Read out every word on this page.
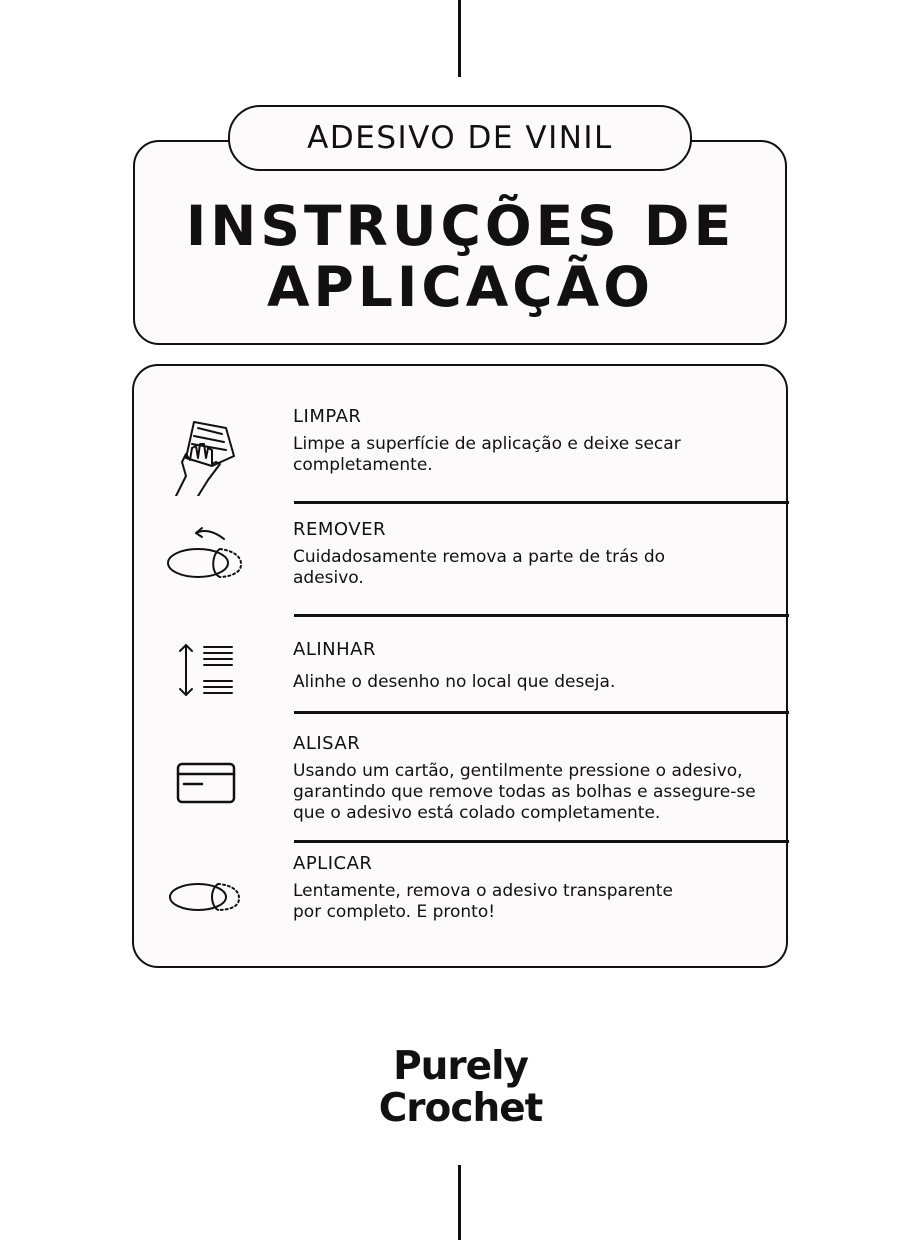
ADESIVO DE VINIL
INSTRUÇÕES DE
APLICAÇÃO
LIMPAR
Limpe a superfície de aplicação e deixe secar
completamente.
REMOVER
Cuidadosamente remova a parte de trás do
adesivo.
ALINHAR
Alinhe o desenho no local que deseja.
ALISAR
Usando um cartão, gentilmente pressione o adesivo,
garantindo que remove todas as bolhas e assegure-se
que o adesivo está colado completamente.
APLICAR
Lentamente, remova o adesivo transparente
por completo. E pronto!
Purely
Crochet
